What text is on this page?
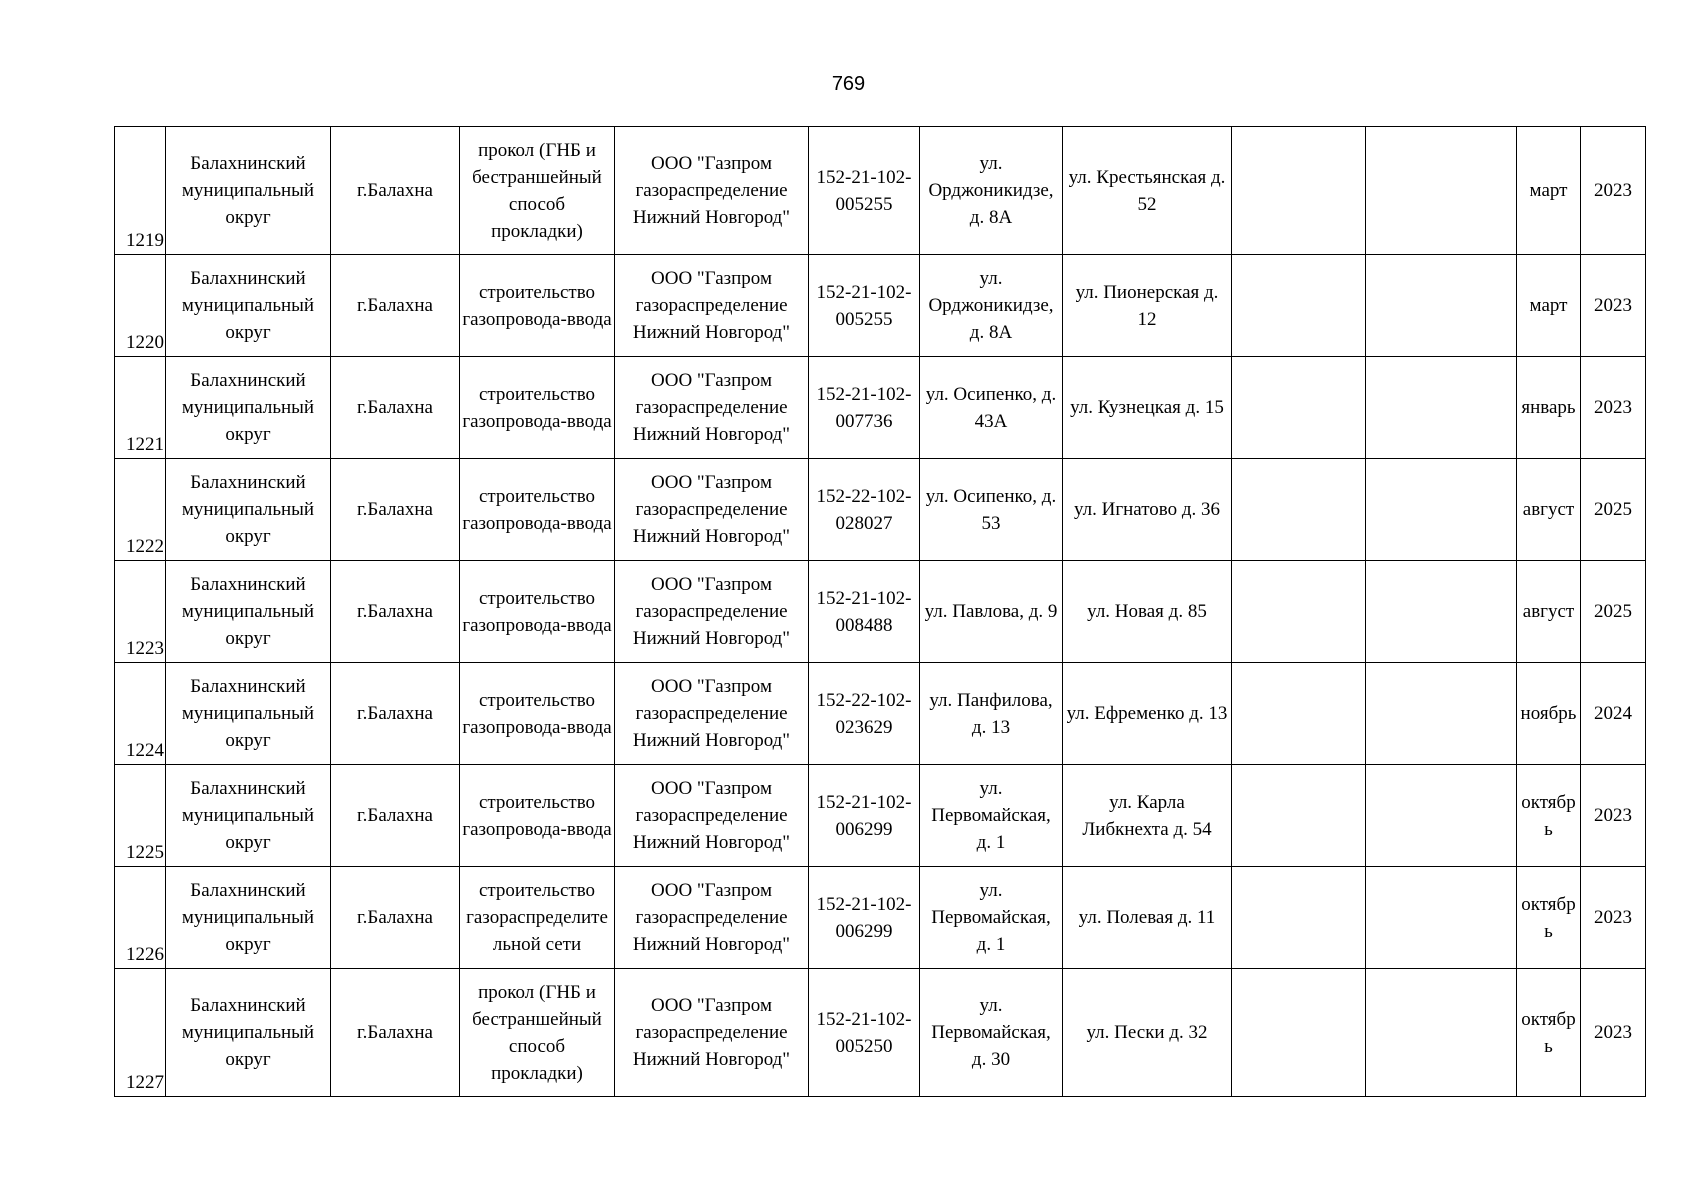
769
1219	Балахнинский муниципальный округ	г.Балахна	прокол (ГНБ и бестраншейный способ прокладки)	ООО "Газпром газораспределение Нижний Новгород"	152-21-102-005255	ул. Орджоникидзе, д. 8А	ул. Крестьянская д. 52			март	2023
1220	Балахнинский муниципальный округ	г.Балахна	строительство газопровода-ввода	ООО "Газпром газораспределение Нижний Новгород"	152-21-102-005255	ул. Орджоникидзе, д. 8А	ул. Пионерская д. 12			март	2023
1221	Балахнинский муниципальный округ	г.Балахна	строительство газопровода-ввода	ООО "Газпром газораспределение Нижний Новгород"	152-21-102-007736	ул. Осипенко, д. 43А	ул. Кузнецкая д. 15			январь	2023
1222	Балахнинский муниципальный округ	г.Балахна	строительство газопровода-ввода	ООО "Газпром газораспределение Нижний Новгород"	152-22-102-028027	ул. Осипенко, д. 53	ул. Игнатово д. 36			август	2025
1223	Балахнинский муниципальный округ	г.Балахна	строительство газопровода-ввода	ООО "Газпром газораспределение Нижний Новгород"	152-21-102-008488	ул. Павлова, д. 9	ул. Новая д. 85			август	2025
1224	Балахнинский муниципальный округ	г.Балахна	строительство газопровода-ввода	ООО "Газпром газораспределение Нижний Новгород"	152-22-102-023629	ул. Панфилова, д. 13	ул. Ефременко д. 13			ноябрь	2024
1225	Балахнинский муниципальный округ	г.Балахна	строительство газопровода-ввода	ООО "Газпром газораспределение Нижний Новгород"	152-21-102-006299	ул. Первомайская, д. 1	ул. Карла Либкнехта д. 54			октябрь	2023
1226	Балахнинский муниципальный округ	г.Балахна	строительство газораспределительной сети	ООО "Газпром газораспределение Нижний Новгород"	152-21-102-006299	ул. Первомайская, д. 1	ул. Полевая д. 11			октябрь	2023
1227	Балахнинский муниципальный округ	г.Балахна	прокол (ГНБ и бестраншейный способ прокладки)	ООО "Газпром газораспределение Нижний Новгород"	152-21-102-005250	ул. Первомайская, д. 30	ул. Пески д. 32			октябрь	2023
